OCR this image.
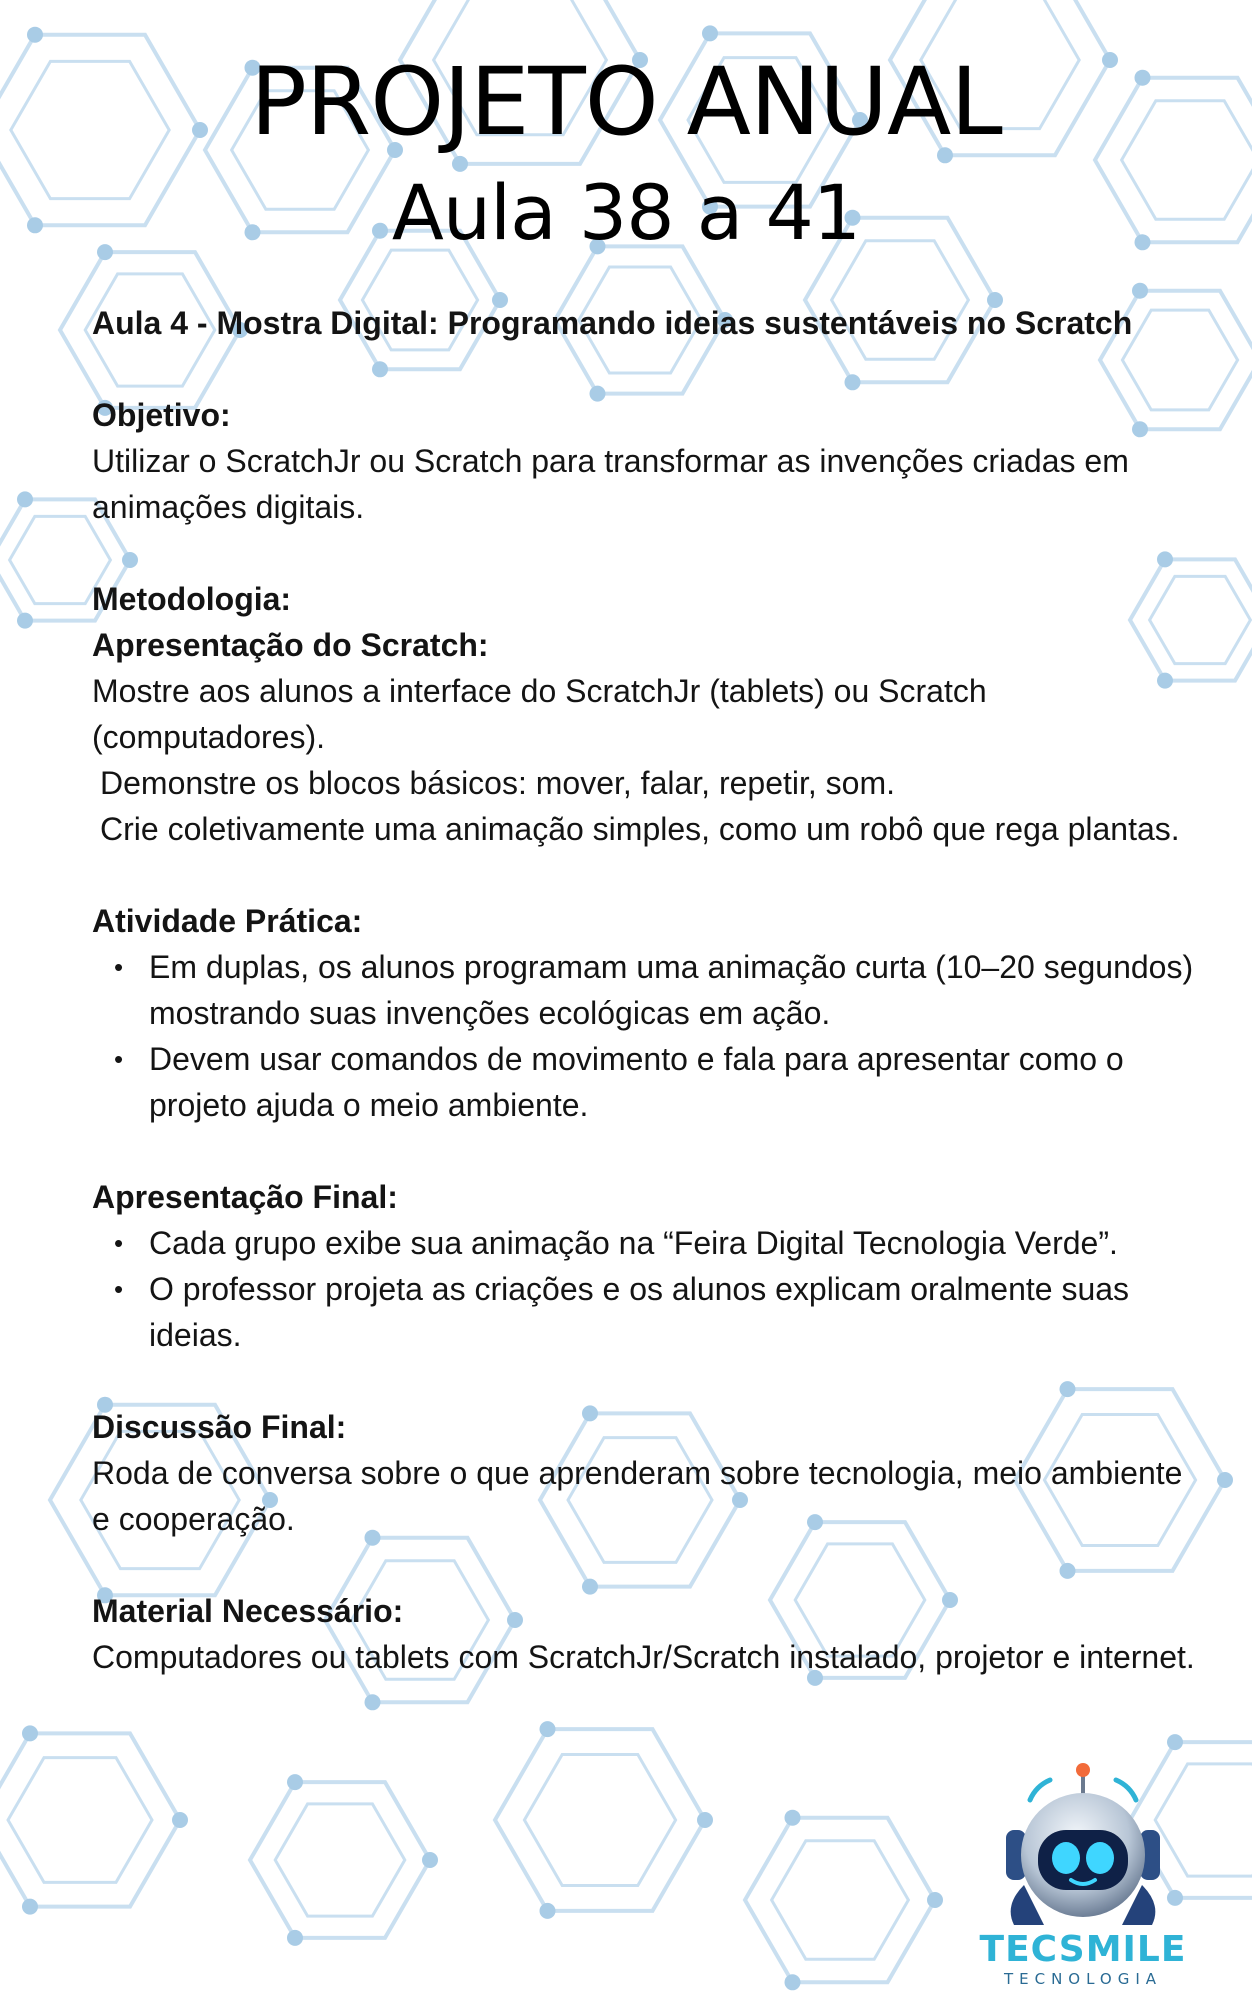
PROJETO ANUAL
Aula 38 a 41

Aula 4 - Mostra Digital: Programando ideias sustentáveis no Scratch

Objetivo:

Utilizar o ScratchJr ou Scratch para transformar as invenções criadas em animações digitais.

Metodologia:

Apresentação do Scratch:

Mostre aos alunos a interface do ScratchJr (tablets) ou Scratch (computadores).

Demonstre os blocos básicos: mover, falar, repetir, som.

Crie coletivamente uma animação simples, como um robô que rega plantas.

Atividade Prática:

• Em duplas, os alunos programam uma animação curta (10–20 segundos) mostrando suas invenções ecológicas em ação.
• Devem usar comandos de movimento e fala para apresentar como o projeto ajuda o meio ambiente.

Apresentação Final:

• Cada grupo exibe sua animação na “Feira Digital Tecnologia Verde”.
• O professor projeta as criações e os alunos explicam oralmente suas ideias.

Discussão Final:

Roda de conversa sobre o que aprenderam sobre tecnologia, meio ambiente e cooperação.

Material Necessário:

Computadores ou tablets com ScratchJr/Scratch instalado, projetor e internet.

TECSMILE
TECNOLOGIA
